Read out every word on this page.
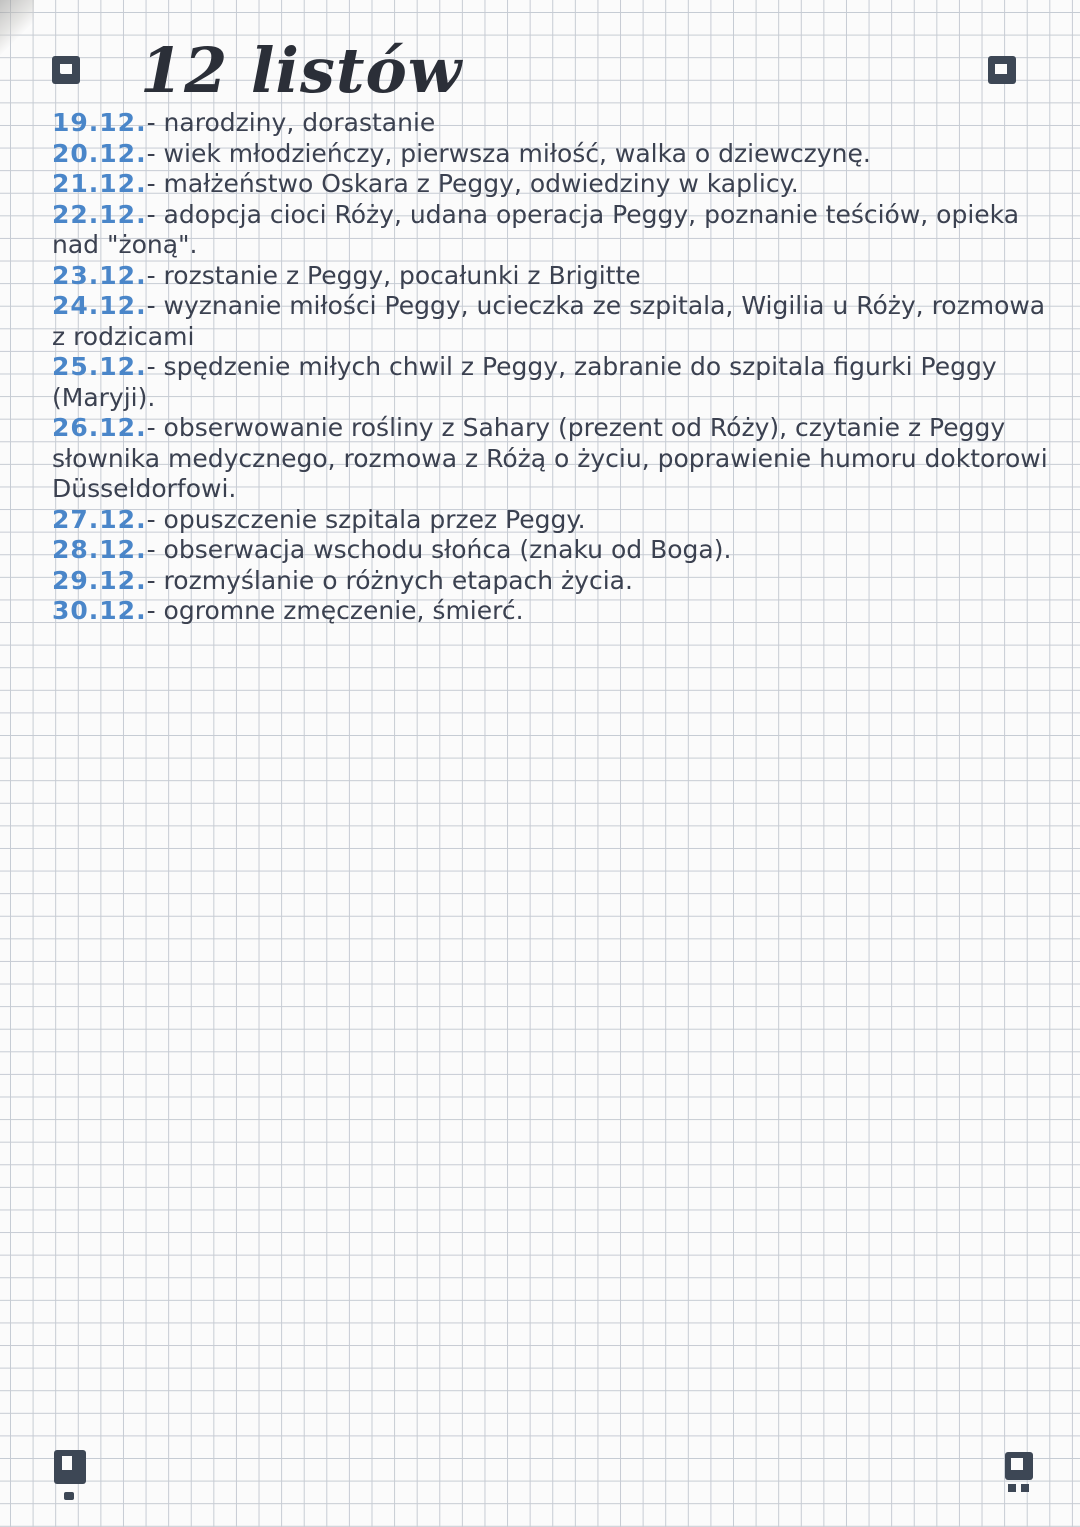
12 listów
19.12.- narodziny, dorastanie
20.12.- wiek młodzieńczy, pierwsza miłość, walka o dziewczynę.
21.12.- małżeństwo Oskara z Peggy, odwiedziny w kaplicy.
22.12.- adopcja cioci Róży, udana operacja Peggy, poznanie teściów, opieka nad "żoną".
23.12.- rozstanie z Peggy, pocałunki z Brigitte
24.12.- wyznanie miłości Peggy, ucieczka ze szpitala, Wigilia u Róży, rozmowa z rodzicami
25.12.- spędzenie miłych chwil z Peggy, zabranie do szpitala figurki Peggy (Maryji).
26.12.- obserwowanie rośliny z Sahary (prezent od Róży), czytanie z Peggy słownika medycznego, rozmowa z Różą o życiu, poprawienie humoru doktorowi Düsseldorfowi.
27.12.- opuszczenie szpitala przez Peggy.
28.12.- obserwacja wschodu słońca (znaku od Boga).
29.12.- rozmyślanie o różnych etapach życia.
30.12.- ogromne zmęczenie, śmierć.
